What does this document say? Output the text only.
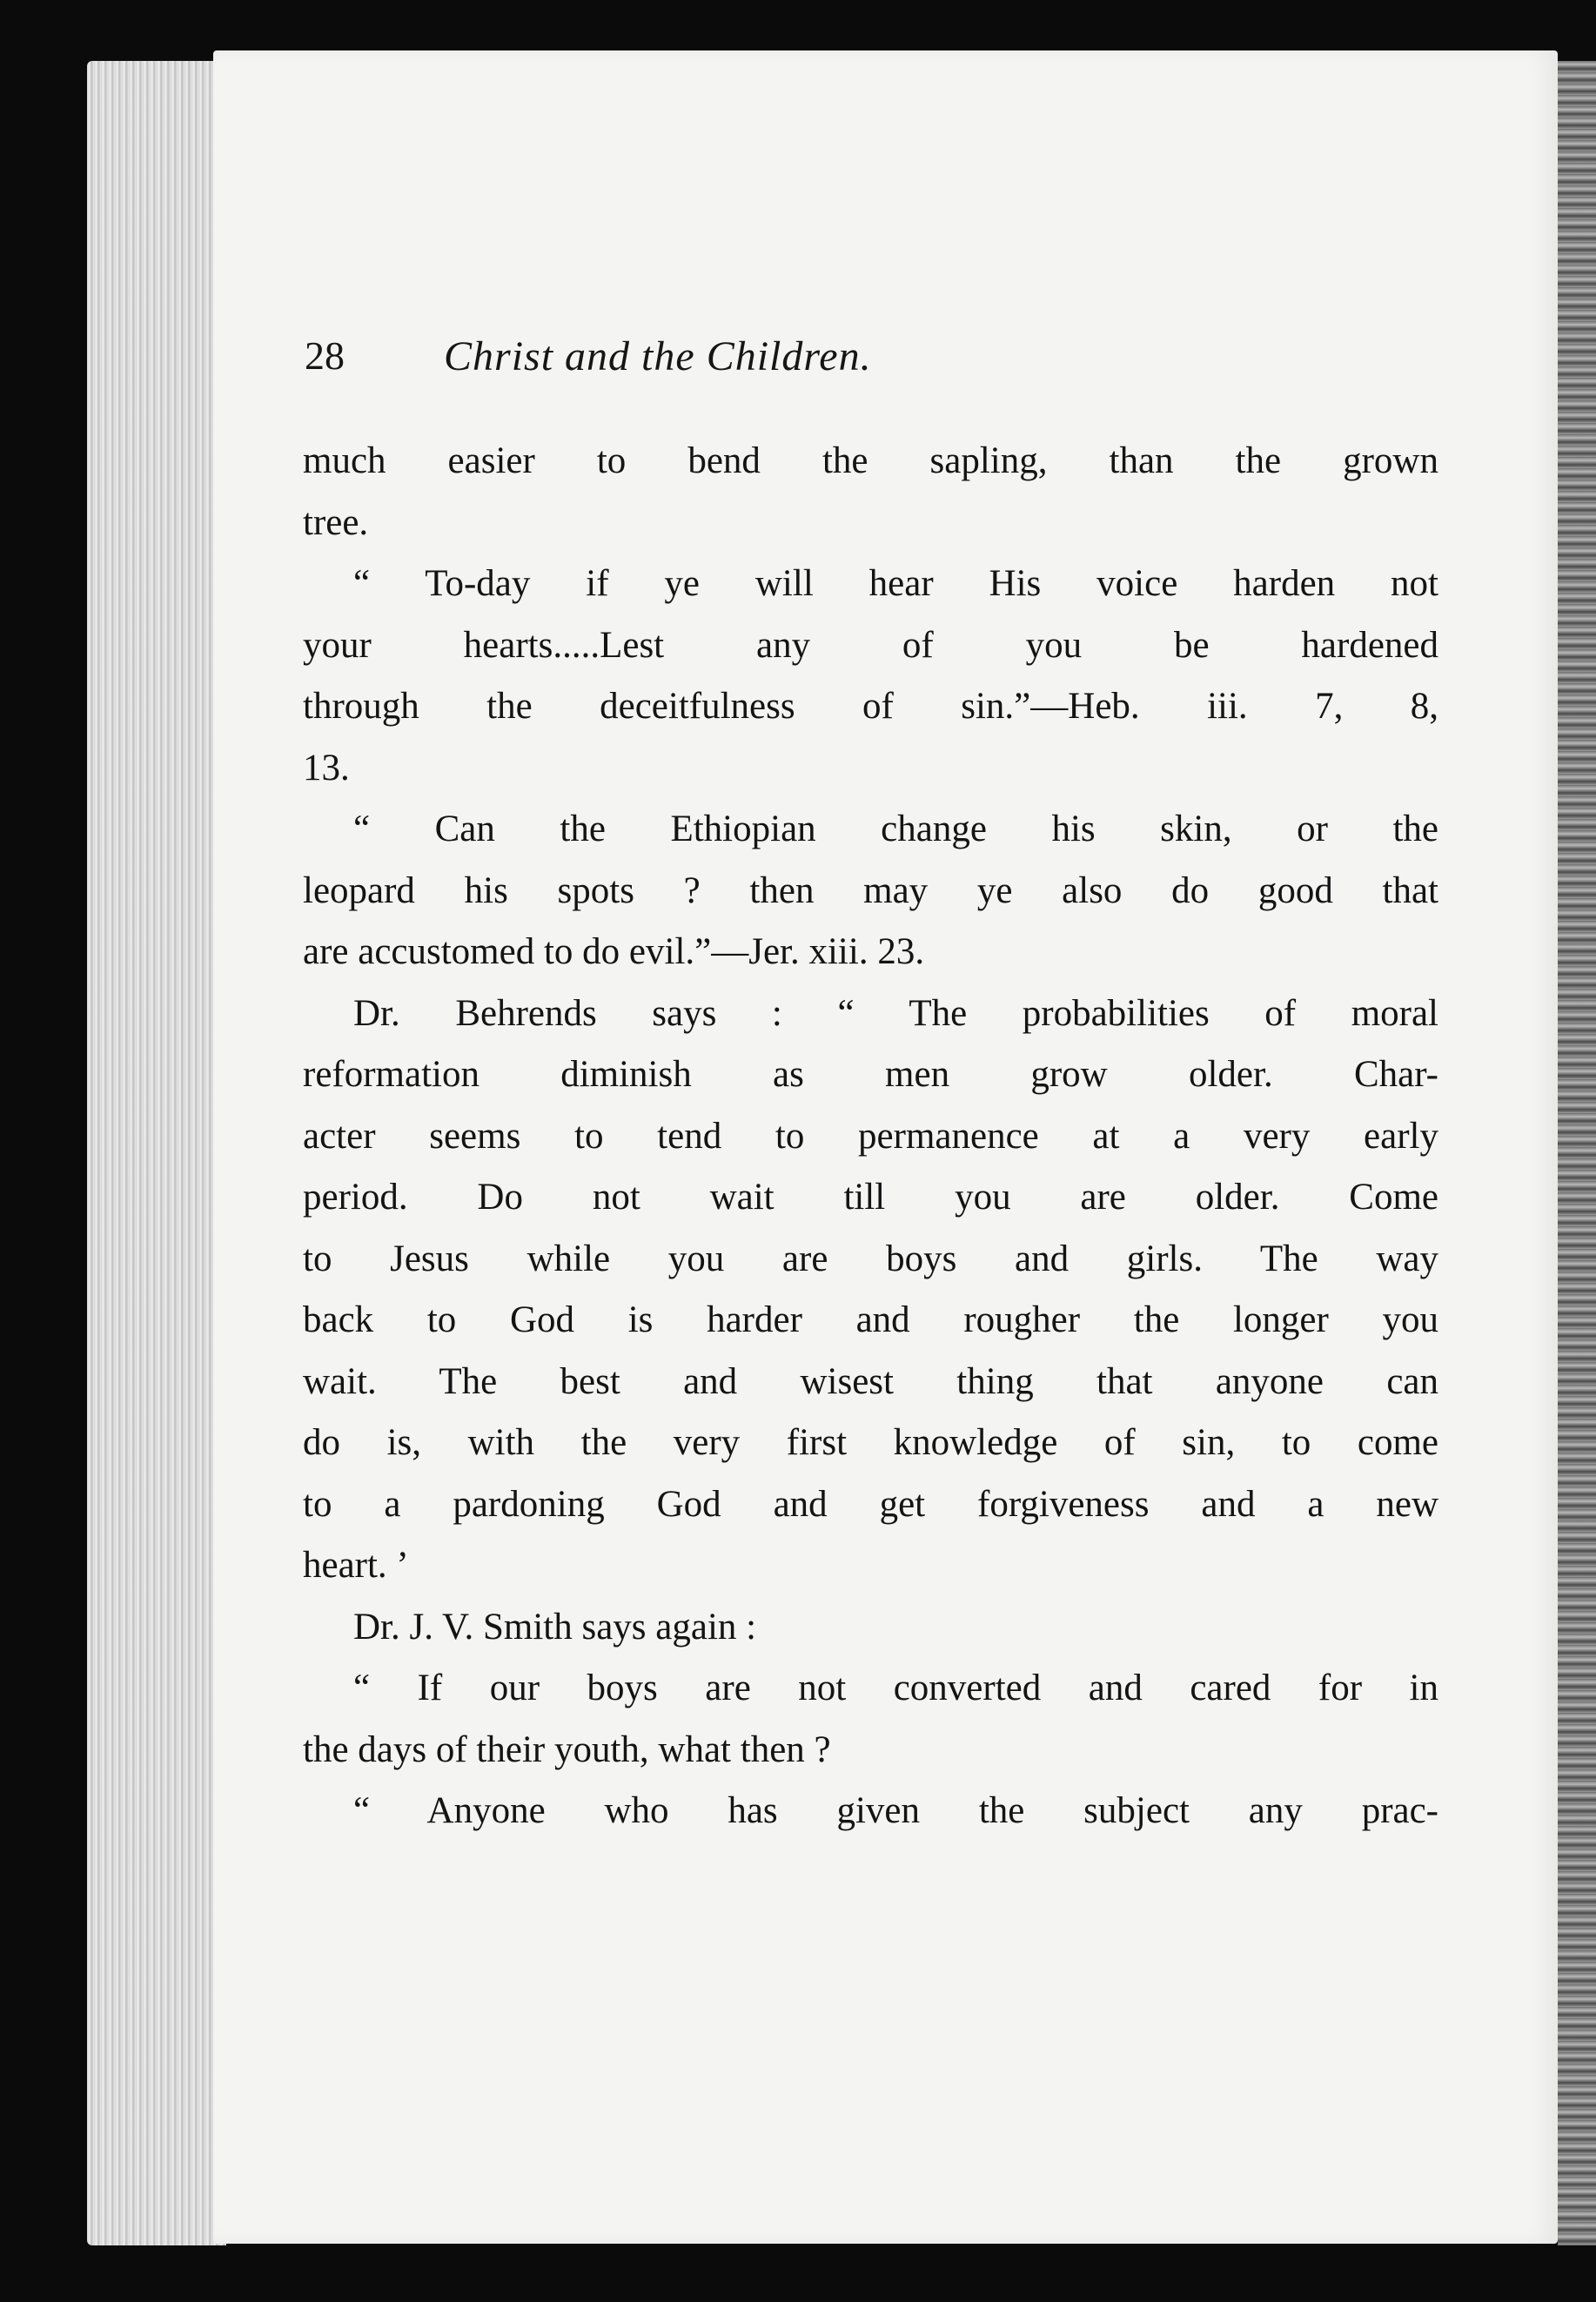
28 Christ and the Children.
much easier to bend the sapling, than the grown
tree.
“ To-day if ye will hear His voice harden not
your hearts.....Lest any of you be hardened
through the deceitfulness of sin.”—Heb. iii. 7, 8,
13.
“ Can the Ethiopian change his skin, or the
leopard his spots ? then may ye also do good that
are accustomed to do evil.”—Jer. xiii. 23.
Dr. Behrends says : “ The probabilities of moral
reformation diminish as men grow older. Char-
acter seems to tend to permanence at a very early
period. Do not wait till you are older. Come
to Jesus while you are boys and girls. The way
back to God is harder and rougher the longer you
wait. The best and wisest thing that anyone can
do is, with the very first knowledge of sin, to come
to a pardoning God and get forgiveness and a new
heart. ’
Dr. J. V. Smith says again :
“ If our boys are not converted and cared for in
the days of their youth, what then ?
“ Anyone who has given the subject any prac-
